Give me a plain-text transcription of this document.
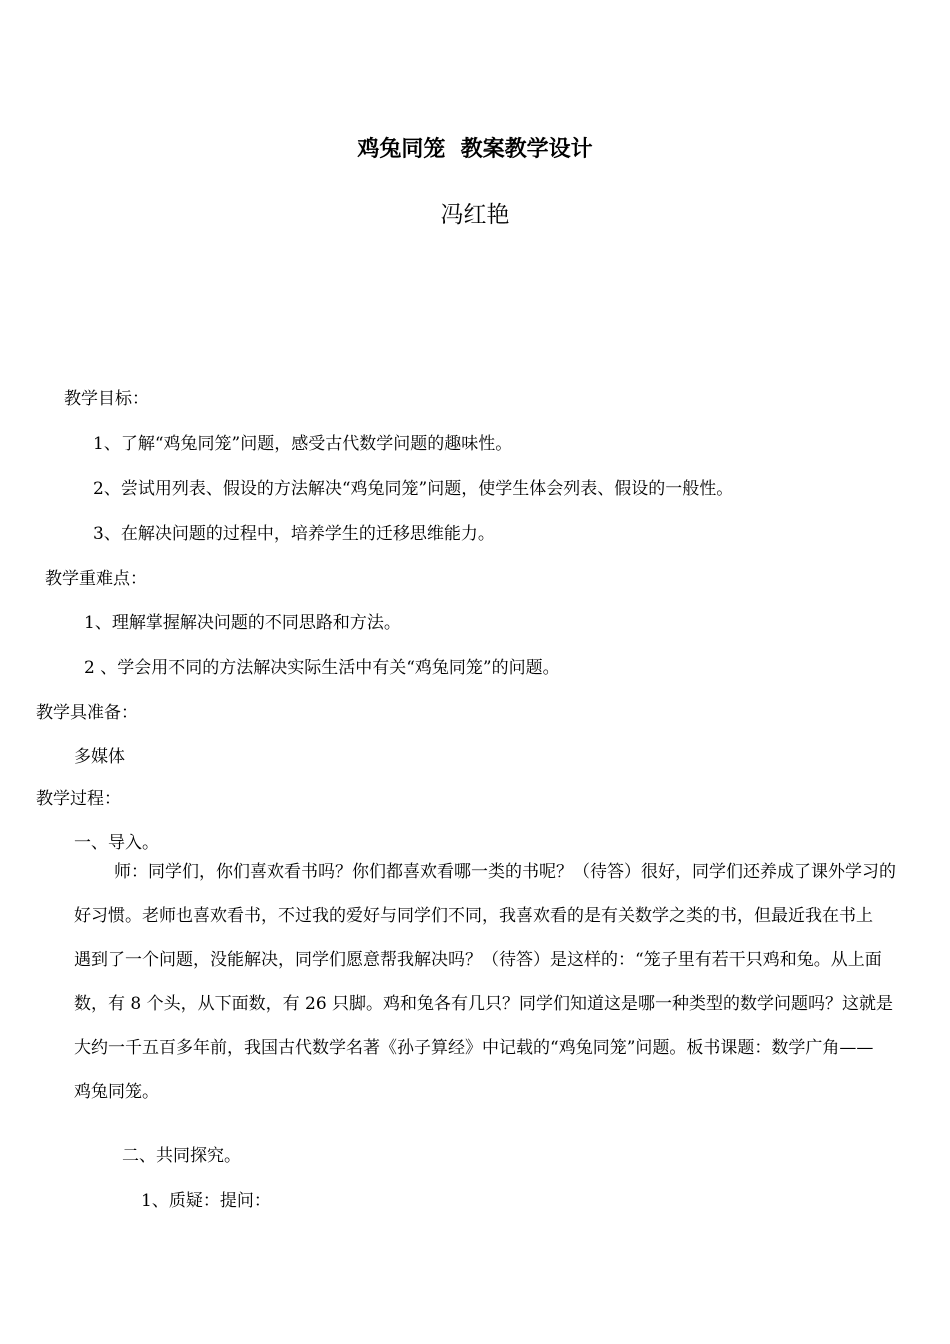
鸡兔同笼  教案教学设计
冯红艳
教学目标：
1、了解“鸡兔同笼”问题，感受古代数学问题的趣味性。
2、尝试用列表、假设的方法解决“鸡兔同笼”问题，使学生体会列表、假设的一般性。
3、在解决问题的过程中，培养学生的迁移思维能力。
教学重难点：
1、理解掌握解决问题的不同思路和方法。
2 、学会用不同的方法解决实际生活中有关“鸡兔同笼”的问题。
教学具准备：
多媒体
教学过程：
一、导入。
师：同学们，你们喜欢看书吗？你们都喜欢看哪一类的书呢？（待答）很好，同学们还养成了课外学习的
好习惯。老师也喜欢看书，不过我的爱好与同学们不同，我喜欢看的是有关数学之类的书，但最近我在书上
遇到了一个问题，没能解决，同学们愿意帮我解决吗？（待答）是这样的：“笼子里有若干只鸡和兔。从上面
数，有 8 个头，从下面数，有 26 只脚。鸡和兔各有几只？同学们知道这是哪一种类型的数学问题吗？这就是
大约一千五百多年前，我国古代数学名著《孙子算经》中记载的“鸡兔同笼”问题。板书课题：数学广角——
鸡兔同笼。
二、共同探究。
1、质疑：提问：
